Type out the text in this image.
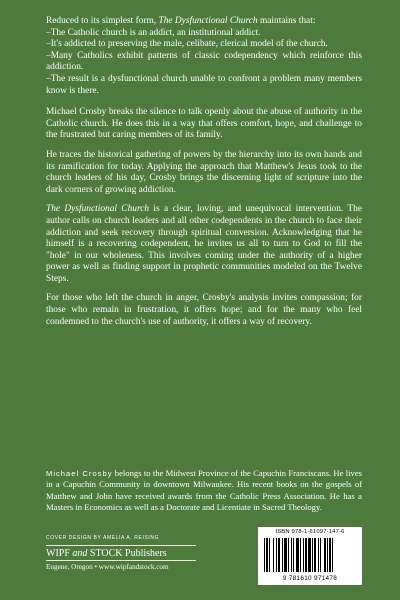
Reduced to its simplest form, The Dysfunctional Church maintains that:

–The Catholic church is an addict, an institutional addict.

–It's addicted to preserving the male, celibate, clerical model of the church.

–Many Catholics exhibit patterns of classic codependency which reinforce this addiction.

–The result is a dysfunctional church unable to confront a problem many members know is there.

Michael Crosby breaks the silence to talk openly about the abuse of authority in the Catholic church. He does this in a way that offers comfort, hope, and challenge to the frustrated but caring members of its family.

He traces the historical gathering of powers by the hierarchy into its own hands and its ramification for today. Applying the approach that Matthew's Jesus took to the church leaders of his day, Crosby brings the discerning light of scripture into the dark corners of growing addiction.

The Dysfunctional Church is a clear, loving, and unequivocal intervention. The author calls on church leaders and all other codependents in the church to face their addiction and seek recovery through spiritual conversion. Acknowledging that he himself is a recovering codependent, he invites us all to turn to God to fill the "hole" in our wholeness. This involves coming under the authority of a higher power as well as finding support in prophetic communities modeled on the Twelve Steps.

For those who left the church in anger, Crosby's analysis invites compassion; for those who remain in frustration, it offers hope; and for the many who feel condemned to the church's use of authority, it offers a way of recovery.

Michael Crosby belongs to the Midwest Province of the Capuchin Franciscans. He lives in a Capuchin Community in downtown Milwaukee. His recent books on the gospels of Matthew and John have received awards from the Catholic Press Association. He has a Masters in Economics as well as a Doctorate and Licentiate in Sacred Theology.
COVER DESIGN BY AMELIA A. REISING
WIPF and STOCK Publishers
Eugene, Oregon • www.wipfandstock.com
ISBN 978-1-61097-147-6
9 781610 971478
